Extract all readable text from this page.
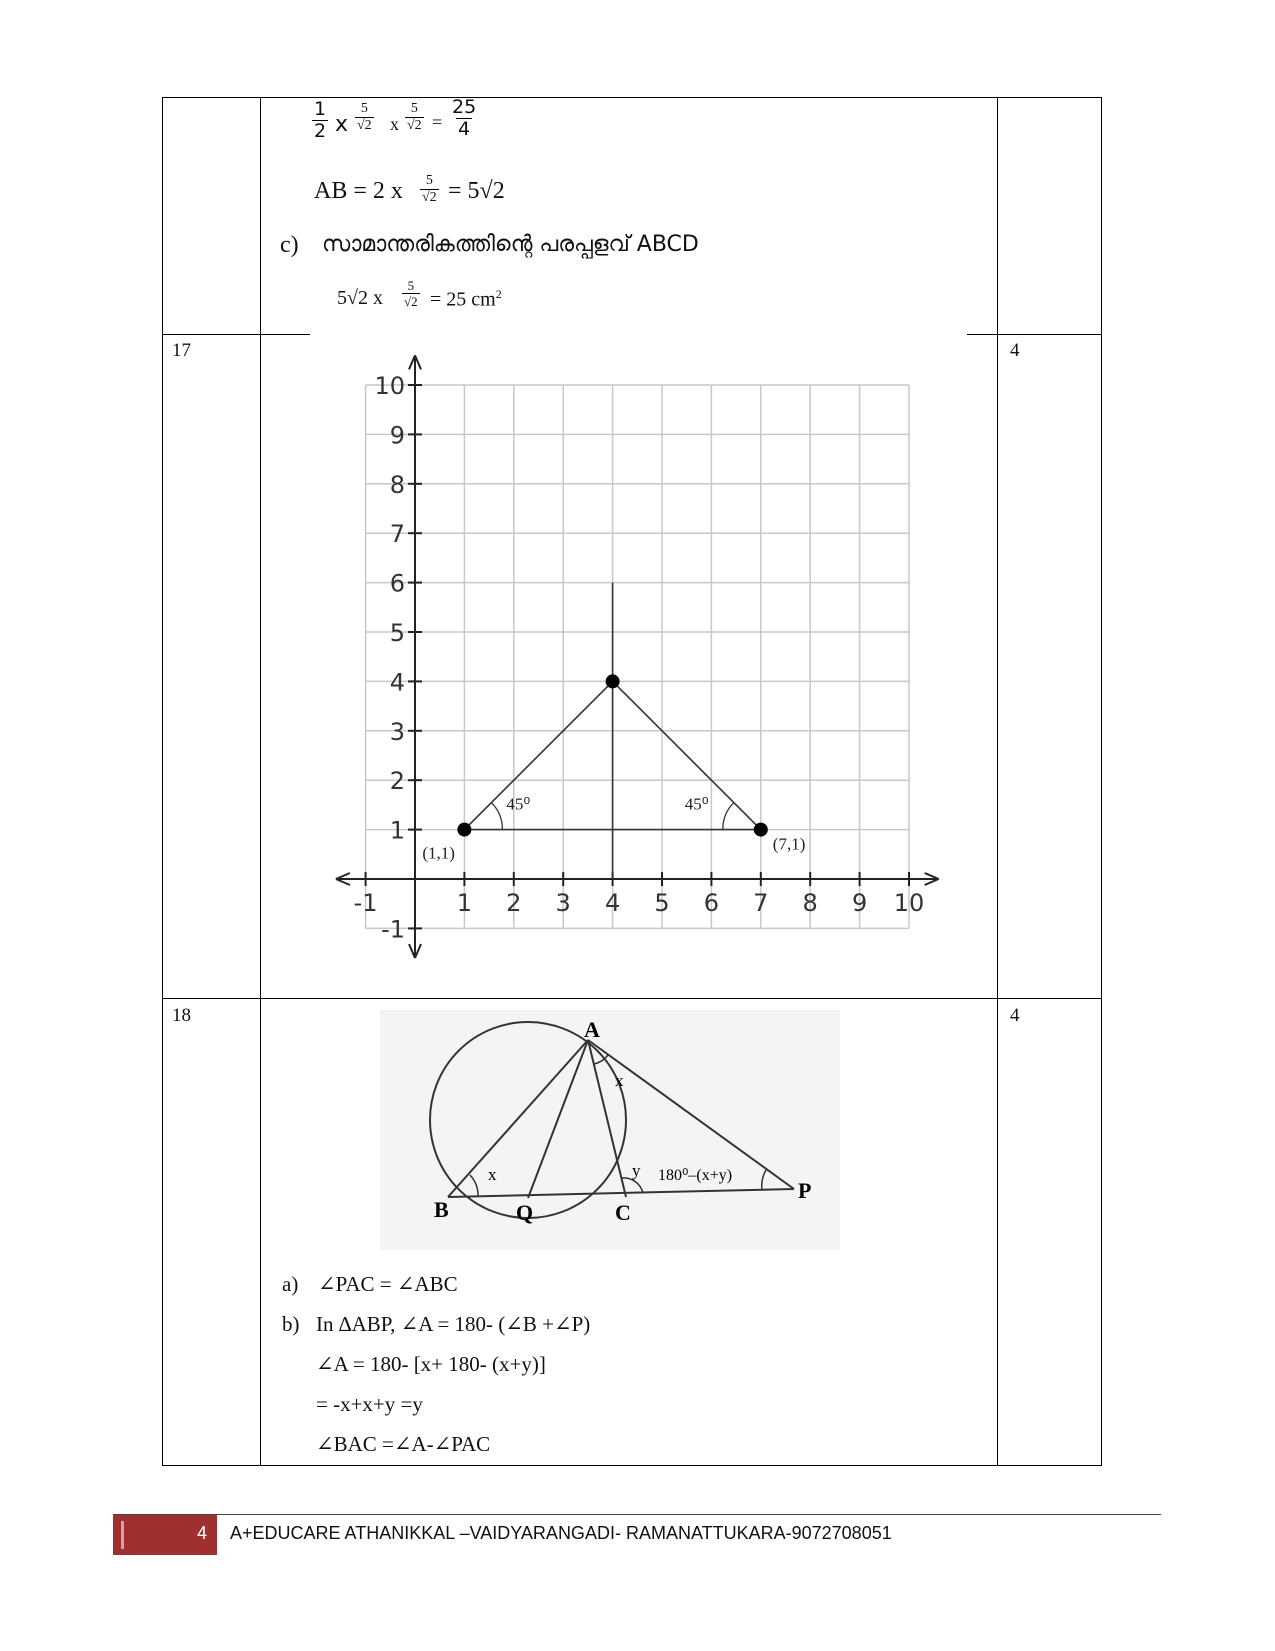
$\frac{1}{2}$ x $\frac{5}{√2}$ x $\frac{5}{√2} = \frac{25}{4}$
AB = 2 x $\frac{5}{√2} = 5√2$
c) സാമാന്തരികത്തിന്റെ പരപ്പളവ് ABCD
5√2 x $\frac{5}{√2} = 25$ $cm^2$
17	4
-1	1 2 3 4 5 6 7 8 9 10
-1
1
2
3
4
5
6
7
8
9
10
45⁰	45⁰
(1,1)	(7,1)
18	4
A
B	Q	C
P
x
x
y 180⁰–(x+y)
a) ∠PAC = ∠ABC
b) In ∆ABP, ∠A = 180- (∠B +∠P)
∠A = 180- [x+ 180- (x+y)]
= -x+x+y =y
∠BAC =∠A-∠PAC
4 A+EDUCARE ATHANIKKAL –VAIDYARANGADI- RAMANATTUKARA-9072708051
